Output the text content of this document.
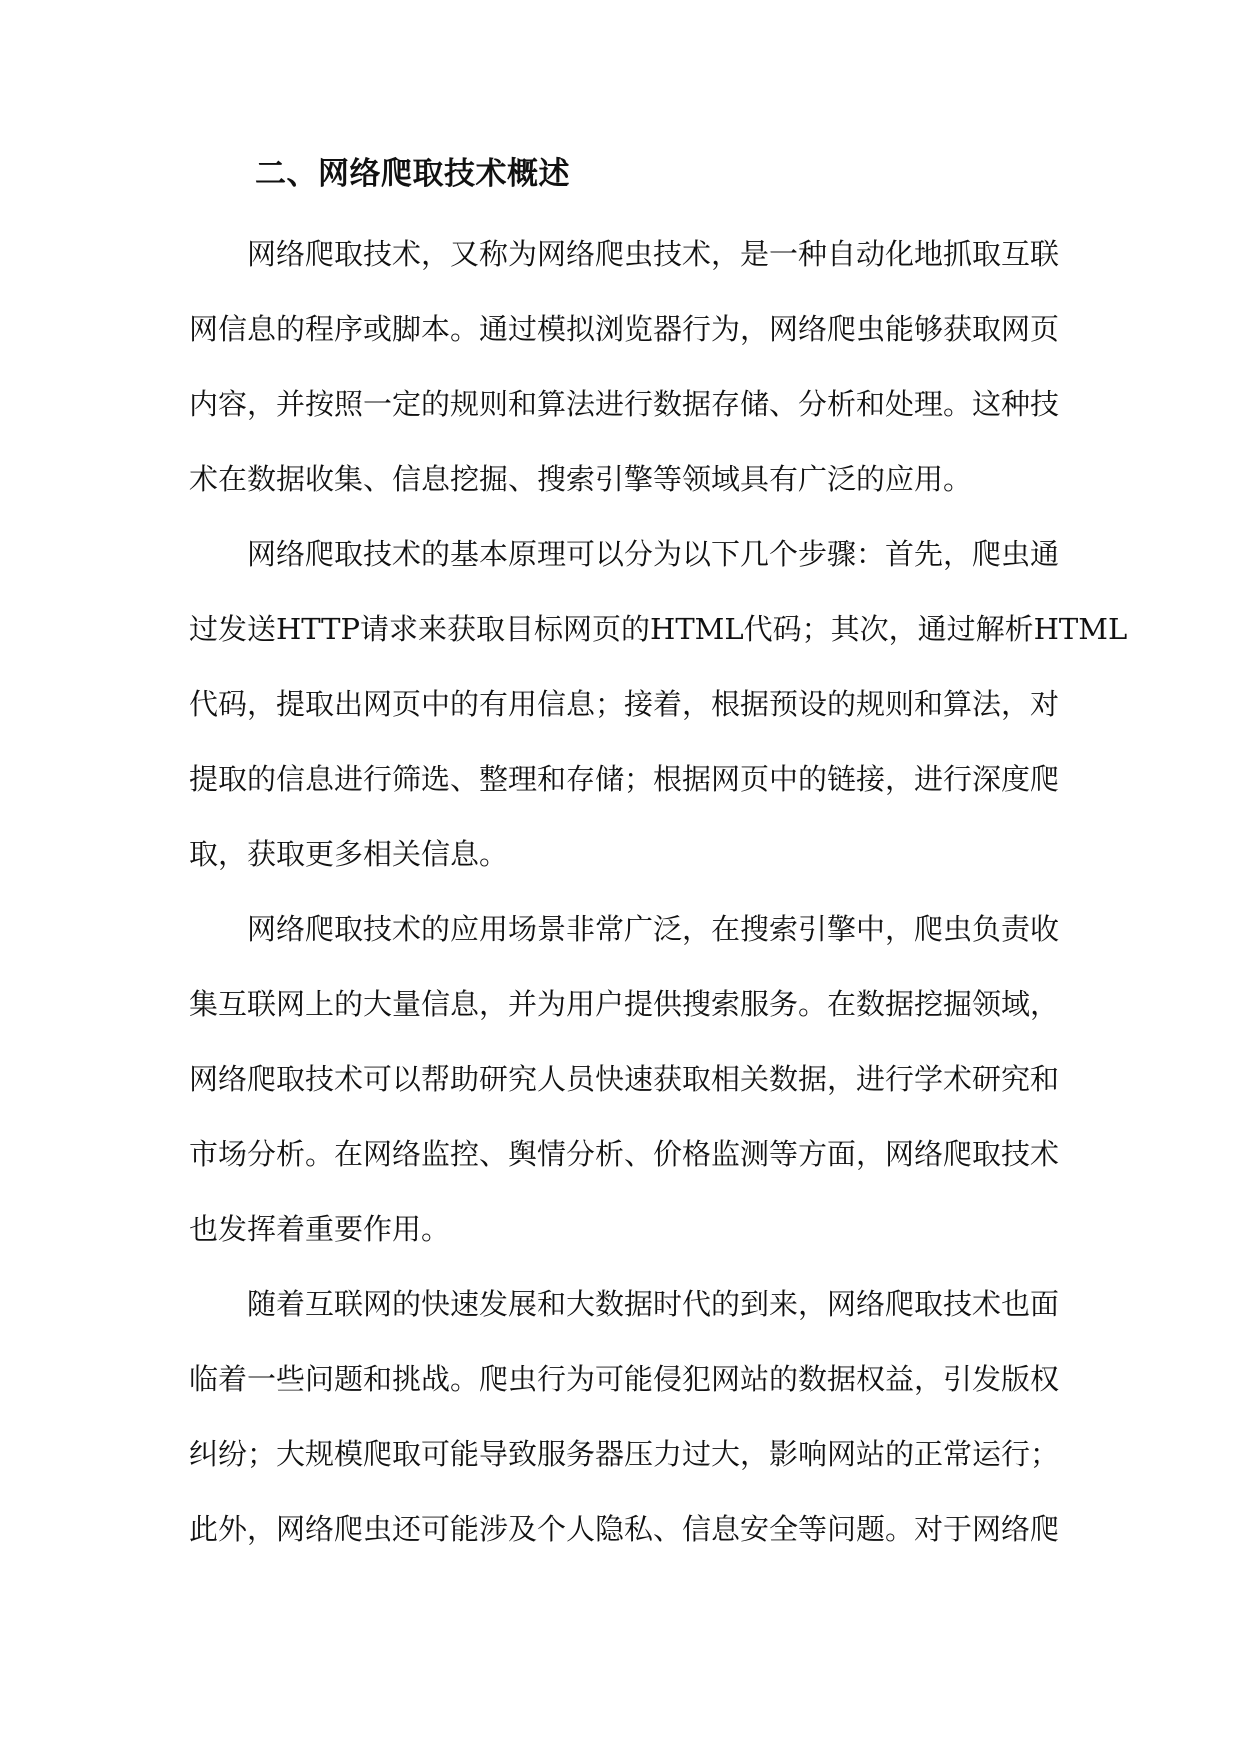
二、网络爬取技术概述

网络爬取技术，又称为网络爬虫技术，是一种自动化地抓取互联
网信息的程序或脚本。通过模拟浏览器行为，网络爬虫能够获取网页
内容，并按照一定的规则和算法进行数据存储、分析和处理。这种技
术在数据收集、信息挖掘、搜索引擎等领域具有广泛的应用。

网络爬取技术的基本原理可以分为以下几个步骤：首先，爬虫通
过发送HTTP请求来获取目标网页的HTML代码；其次，通过解析HTML
代码，提取出网页中的有用信息；接着，根据预设的规则和算法，对
提取的信息进行筛选、整理和存储；根据网页中的链接，进行深度爬
取，获取更多相关信息。

网络爬取技术的应用场景非常广泛，在搜索引擎中，爬虫负责收
集互联网上的大量信息，并为用户提供搜索服务。在数据挖掘领域，
网络爬取技术可以帮助研究人员快速获取相关数据，进行学术研究和
市场分析。在网络监控、舆情分析、价格监测等方面，网络爬取技术
也发挥着重要作用。

随着互联网的快速发展和大数据时代的到来，网络爬取技术也面
临着一些问题和挑战。爬虫行为可能侵犯网站的数据权益，引发版权
纠纷；大规模爬取可能导致服务器压力过大，影响网站的正常运行；
此外，网络爬虫还可能涉及个人隐私、信息安全等问题。对于网络爬
